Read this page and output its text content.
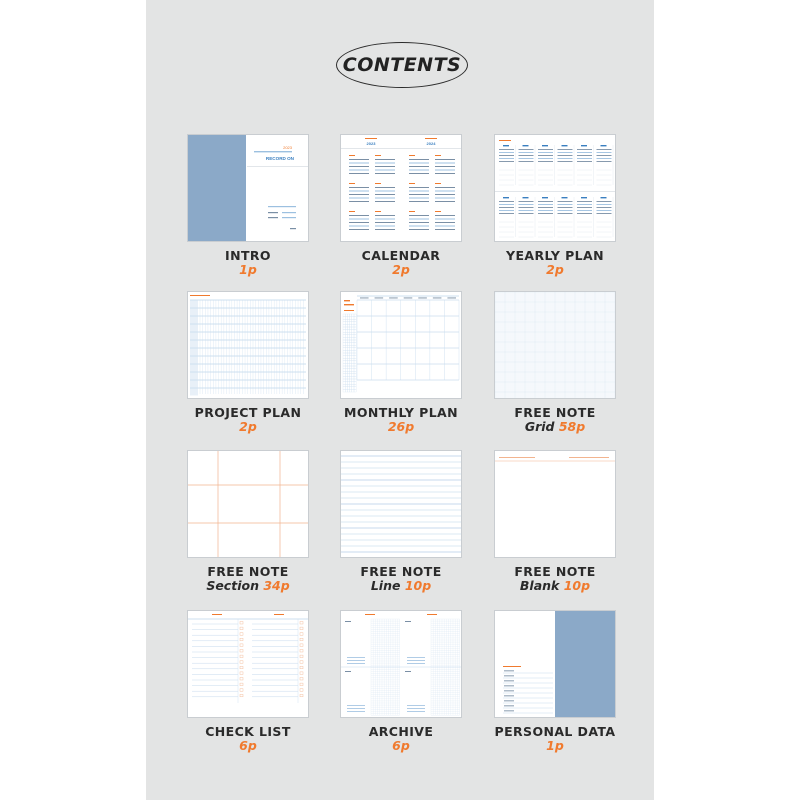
CONTENTS
2023
RECORD ON
INTRO
1p
2023	2024
CALENDAR
2p
YEARLY PLAN
2p
PROJECT PLAN
2p
MONTHLY PLAN
26p
FREE NOTE
Grid 58p
FREE NOTE
Section 34p
FREE NOTE
Line 10p
FREE NOTE
Blank 10p
CHECK LIST
6p
ARCHIVE
6p
PERSONAL DATA
1p
